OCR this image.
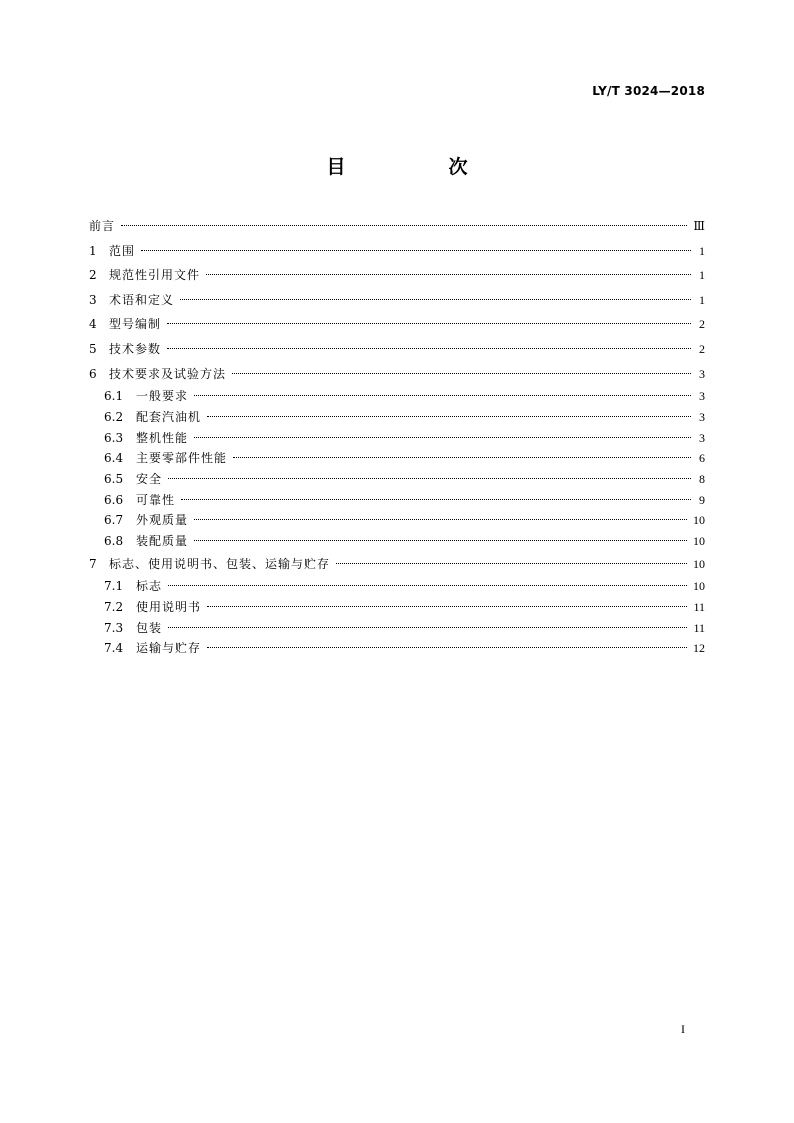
LY/T 3024—2018
目　次
前言	Ⅲ
1	范围	1
2	规范性引用文件	1
3	术语和定义	1
4	型号编制	2
5	技术参数	2
6	技术要求及试验方法	3
6.1	一般要求	3
6.2	配套汽油机	3
6.3	整机性能	3
6.4	主要零部件性能	6
6.5	安全	8
6.6	可靠性	9
6.7	外观质量	10
6.8	装配质量	10
7	标志、使用说明书、包装、运输与贮存	10
7.1	标志	10
7.2	使用说明书	11
7.3	包装	11
7.4	运输与贮存	12
I
